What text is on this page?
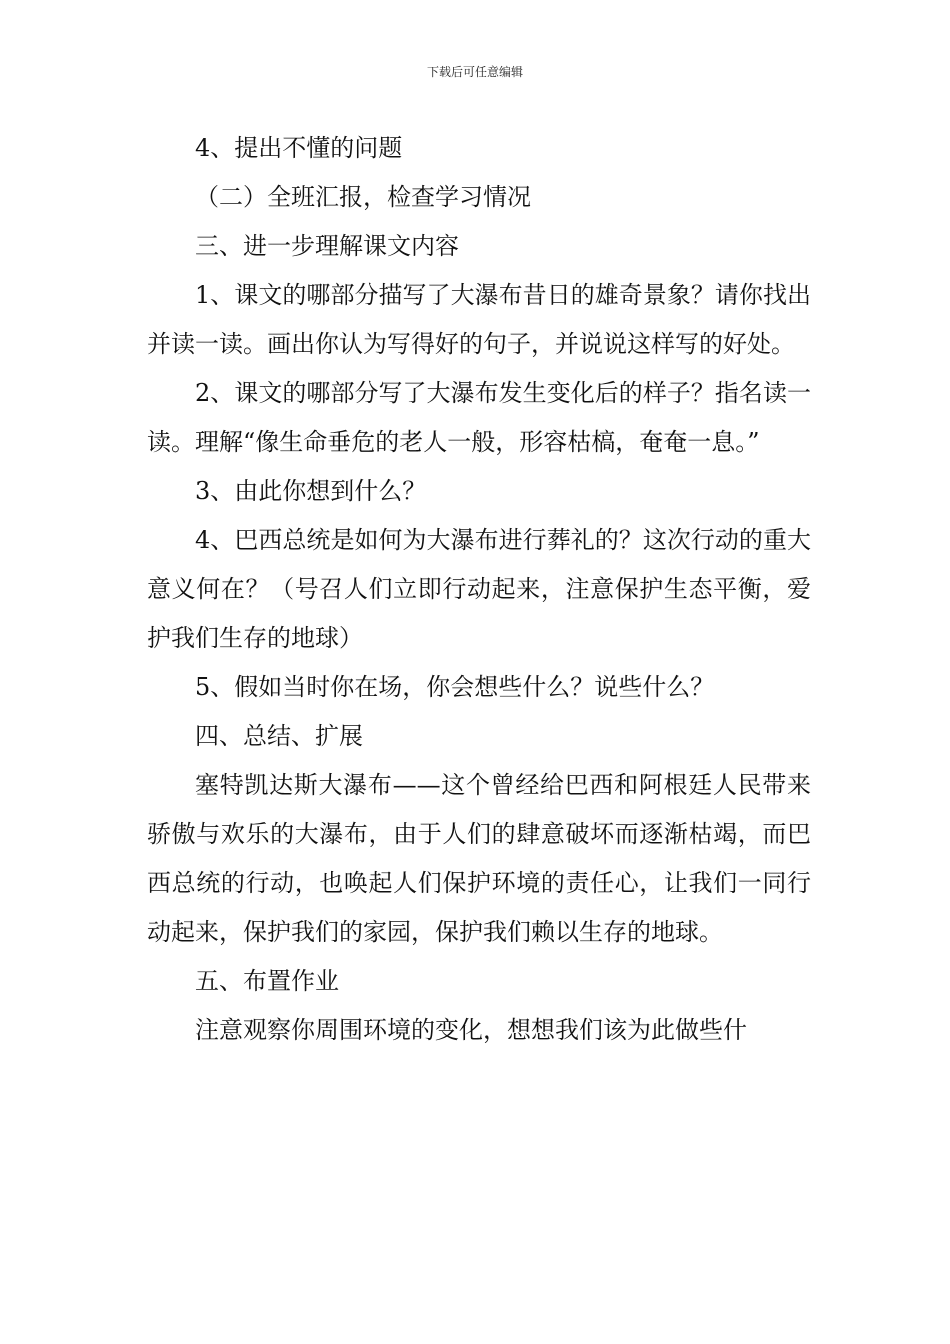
下载后可任意编辑

4、提出不懂的问题

（二）全班汇报，检查学习情况

三、进一步理解课文内容

1、课文的哪部分描写了大瀑布昔日的雄奇景象？请你找出并读一读。画出你认为写得好的句子，并说说这样写的好处。

2、课文的哪部分写了大瀑布发生变化后的样子？指名读一读。理解“像生命垂危的老人一般，形容枯槁，奄奄一息。”

3、由此你想到什么？

4、巴西总统是如何为大瀑布进行葬礼的？这次行动的重大意义何在？（号召人们立即行动起来，注意保护生态平衡，爱护我们生存的地球）

5、假如当时你在场，你会想些什么？说些什么？

四、总结、扩展

塞特凯达斯大瀑布——这个曾经给巴西和阿根廷人民带来骄傲与欢乐的大瀑布，由于人们的肆意破坏而逐渐枯竭，而巴西总统的行动，也唤起人们保护环境的责任心，让我们一同行动起来，保护我们的家园，保护我们赖以生存的地球。

五、布置作业

注意观察你周围环境的变化，想想我们该为此做些什
